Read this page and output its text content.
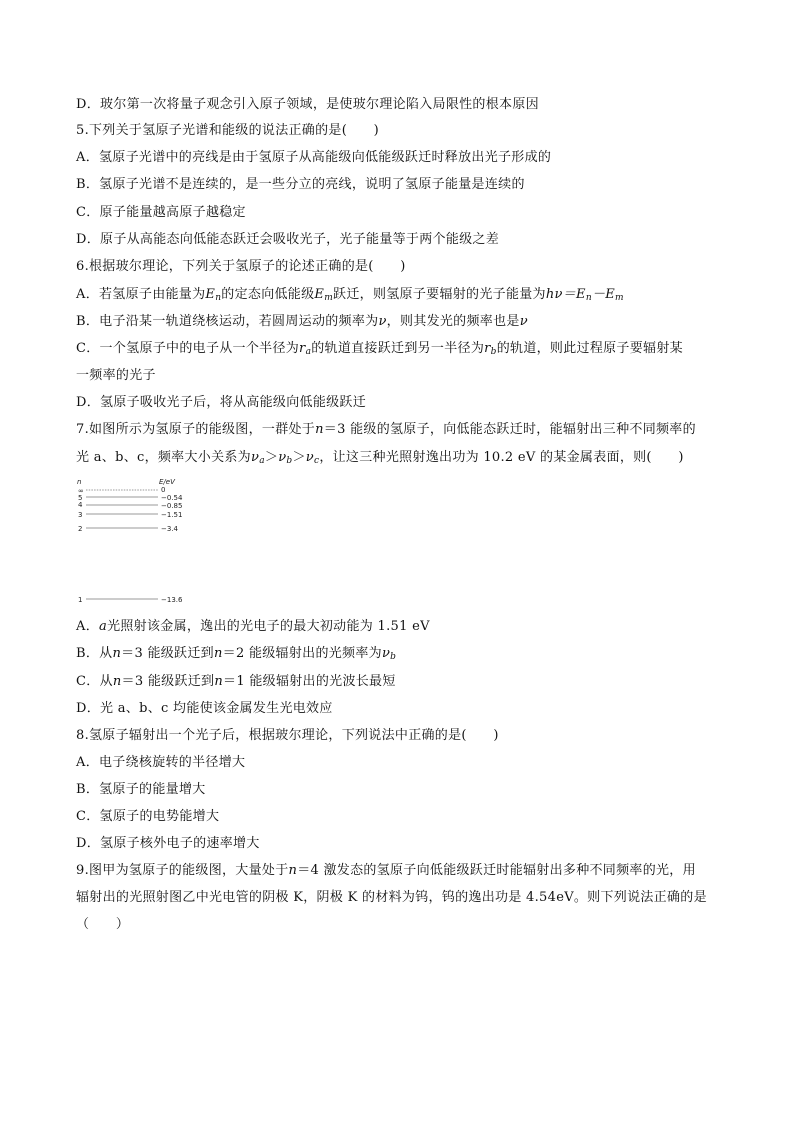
D．玻尔第一次将量子观念引入原子领域，是使玻尔理论陷入局限性的根本原因
5.下列关于氢原子光谱和能级的说法正确的是(　　)
A．氢原子光谱中的亮线是由于氢原子从高能级向低能级跃迁时释放出光子形成的
B．氢原子光谱不是连续的，是一些分立的亮线，说明了氢原子能量是连续的
C．原子能量越高原子越稳定
D．原子从高能态向低能态跃迁会吸收光子，光子能量等于两个能级之差
6.根据玻尔理论，下列关于氢原子的论述正确的是(　　)
A．若氢原子由能量为$E_n$的定态向低能级$E_m$跃迁，则氢原子要辐射的光子能量为$h\nu=E_n-E_m$
B．电子沿某一轨道绕核运动，若圆周运动的频率为ν，则其发光的频率也是ν
C．一个氢原子中的电子从一个半径为$r_a$的轨道直接跃迁到另一半径为$r_b$的轨道，则此过程原子要辐射某
一频率的光子
D．氢原子吸收光子后，将从高能级向低能级跃迁
7.如图所示为氢原子的能级图，一群处于n＝3 能级的氢原子，向低能态跃迁时，能辐射出三种不同频率的
光 a、b、c，频率大小关系为$\nu_a>\nu_b>\nu_c$，让这三种光照射逸出功为 10.2 eV 的某金属表面，则(　　)
n	E/eV
∞	0
5	−0.54
4	−0.85
3	−1.51
2	−3.4
1	−13.6
A．a光照射该金属，逸出的光电子的最大初动能为 1.51 eV
B．从n＝3 能级跃迁到n＝2 能级辐射出的光频率为$\nu_b$
C．从n＝3 能级跃迁到n＝1 能级辐射出的光波长最短
D．光 a、b、c 均能使该金属发生光电效应
8.氢原子辐射出一个光子后，根据玻尔理论，下列说法中正确的是(　　)
A．电子绕核旋转的半径增大
B．氢原子的能量增大
C．氢原子的电势能增大
D．氢原子核外电子的速率增大
9.图甲为氢原子的能级图，大量处于n＝4 激发态的氢原子向低能级跃迁时能辐射出多种不同频率的光，用
辐射出的光照射图乙中光电管的阴极 K，阴极 K 的材料为钨，钨的逸出功是 4.54eV。则下列说法正确的是
（　　）
